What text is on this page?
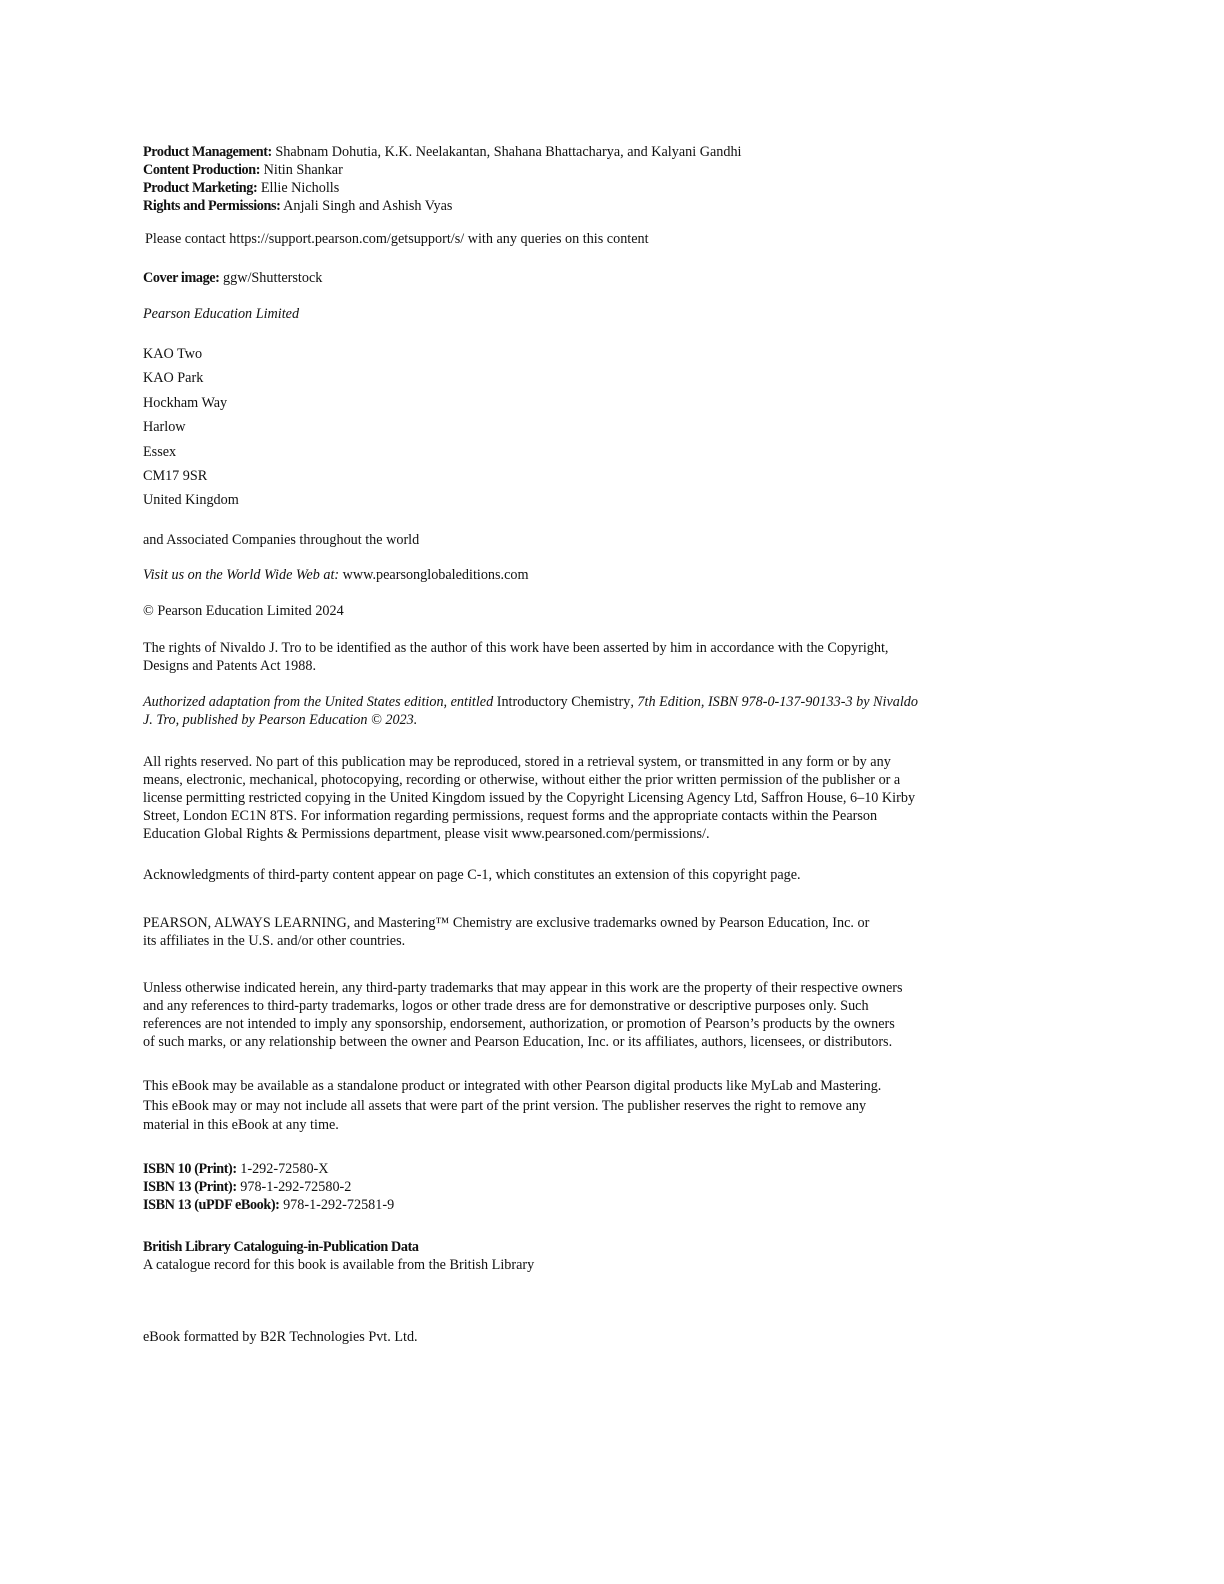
Product Management: Shabnam Dohutia, K.K. Neelakantan, Shahana Bhattacharya, and Kalyani Gandhi
Content Production: Nitin Shankar
Product Marketing: Ellie Nicholls
Rights and Permissions: Anjali Singh and Ashish Vyas
Please contact https://support.pearson.com/getsupport/s/ with any queries on this content
Cover image: ggw/Shutterstock
Pearson Education Limited
KAO Two
KAO Park
Hockham Way
Harlow
Essex
CM17 9SR
United Kingdom
and Associated Companies throughout the world
Visit us on the World Wide Web at: www.pearsonglobaleditions.com
© Pearson Education Limited 2024
The rights of Nivaldo J. Tro to be identified as the author of this work have been asserted by him in accordance with the Copyright,
Designs and Patents Act 1988.
Authorized adaptation from the United States edition, entitled Introductory Chemistry, 7th Edition, ISBN 978-0-137-90133-3 by Nivaldo
J. Tro, published by Pearson Education © 2023.
All rights reserved. No part of this publication may be reproduced, stored in a retrieval system, or transmitted in any form or by any
means, electronic, mechanical, photocopying, recording or otherwise, without either the prior written permission of the publisher or a
license permitting restricted copying in the United Kingdom issued by the Copyright Licensing Agency Ltd, Saffron House, 6–10 Kirby
Street, London EC1N 8TS. For information regarding permissions, request forms and the appropriate contacts within the Pearson
Education Global Rights & Permissions department, please visit www.pearsoned.com/permissions/.
Acknowledgments of third-party content appear on page C-1, which constitutes an extension of this copyright page.
PEARSON, ALWAYS LEARNING, and Mastering™ Chemistry are exclusive trademarks owned by Pearson Education, Inc. or
its affiliates in the U.S. and/or other countries.
Unless otherwise indicated herein, any third-party trademarks that may appear in this work are the property of their respective owners
and any references to third-party trademarks, logos or other trade dress are for demonstrative or descriptive purposes only. Such
references are not intended to imply any sponsorship, endorsement, authorization, or promotion of Pearson’s products by the owners
of such marks, or any relationship between the owner and Pearson Education, Inc. or its affiliates, authors, licensees, or distributors.
This eBook may be available as a standalone product or integrated with other Pearson digital products like MyLab and Mastering.
This eBook may or may not include all assets that were part of the print version. The publisher reserves the right to remove any
material in this eBook at any time.
ISBN 10 (Print): 1-292-72580-X
ISBN 13 (Print): 978-1-292-72580-2
ISBN 13 (uPDF eBook): 978-1-292-72581-9
British Library Cataloguing-in-Publication Data
A catalogue record for this book is available from the British Library
eBook formatted by B2R Technologies Pvt. Ltd.
